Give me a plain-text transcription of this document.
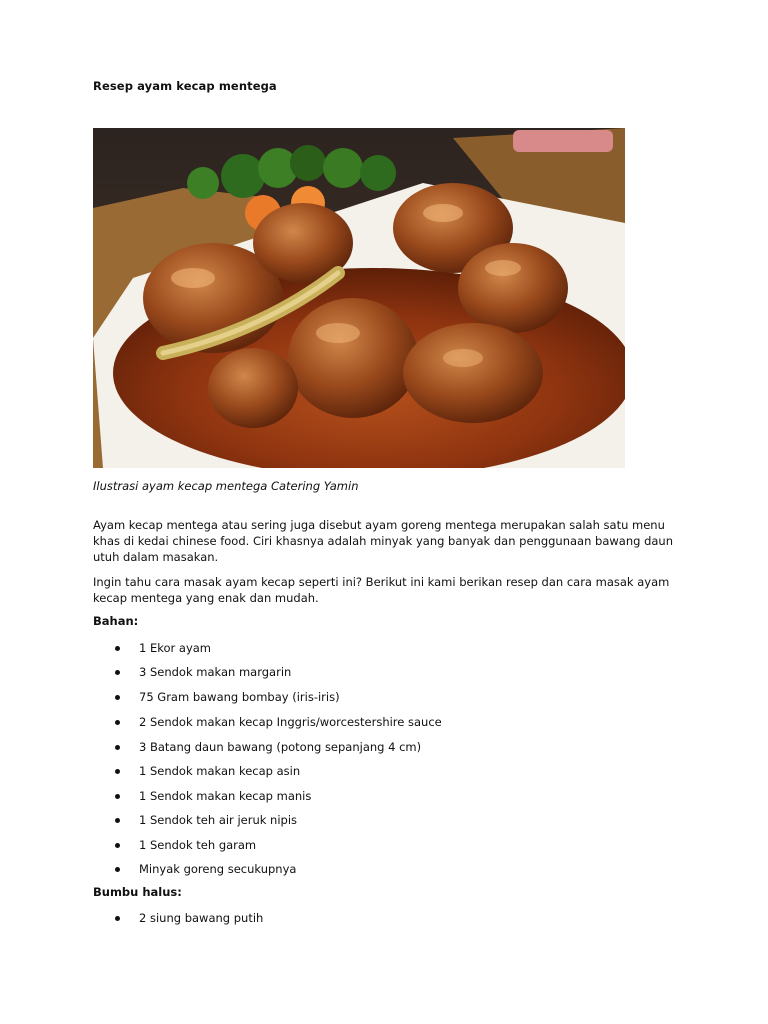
Resep ayam kecap mentega
Ilustrasi ayam kecap mentega Catering Yamin

Ayam kecap mentega atau sering juga disebut ayam goreng mentega merupakan salah satu menu khas di kedai chinese food. Ciri khasnya adalah minyak yang banyak dan penggunaan bawang daun utuh dalam masakan.

Ingin tahu cara masak ayam kecap seperti ini? Berikut ini kami berikan resep dan cara masak ayam kecap mentega yang enak dan mudah.

Bahan:
1 Ekor ayam
3 Sendok makan margarin
75 Gram bawang bombay (iris-iris)
2 Sendok makan kecap Inggris/worcestershire sauce
3 Batang daun bawang (potong sepanjang 4 cm)
1 Sendok makan kecap asin
1 Sendok makan kecap manis
1 Sendok teh air jeruk nipis
1 Sendok teh garam
Minyak goreng secukupnya
Bumbu halus:
2 siung bawang putih
